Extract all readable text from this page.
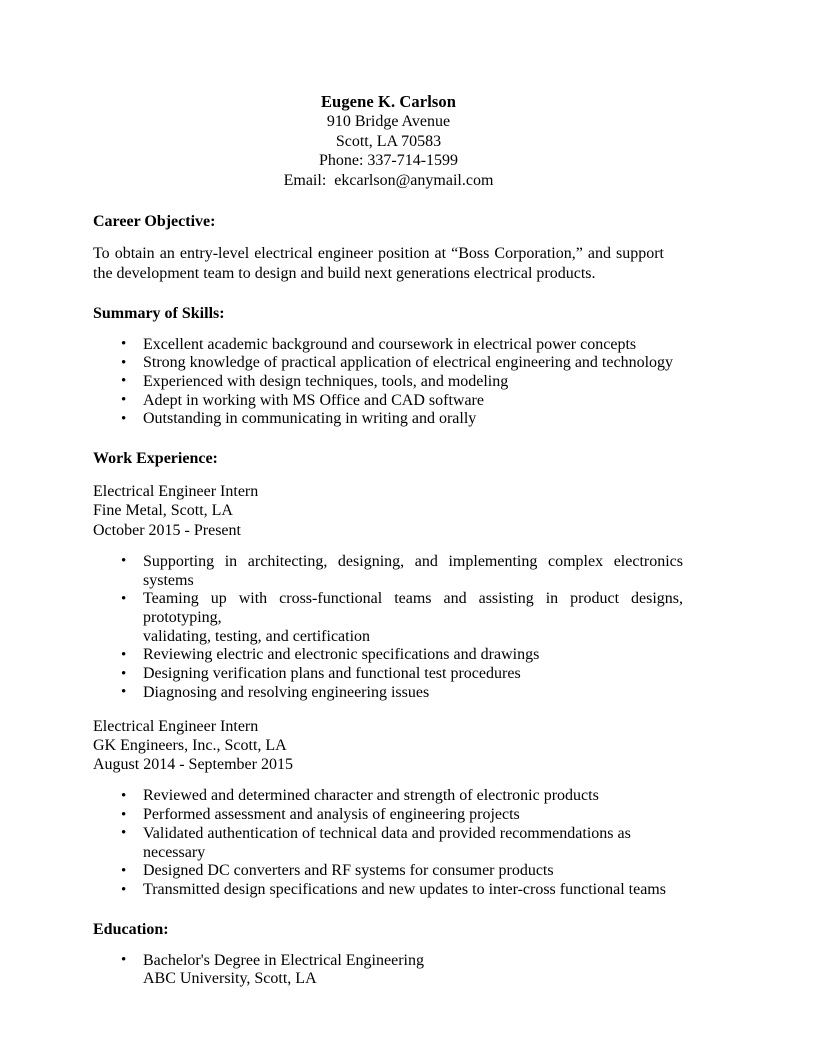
Eugene K. Carlson
910 Bridge Avenue
Scott, LA 70583
Phone: 337-714-1599
Email:  ekcarlson@anymail.com
Career Objective:
To obtain an entry-level electrical engineer position at “Boss Corporation,” and support the development team to design and build next generations electrical products.
Summary of Skills:
• Excellent academic background and coursework in electrical power concepts
• Strong knowledge of practical application of electrical engineering and technology
• Experienced with design techniques, tools, and modeling
• Adept in working with MS Office and CAD software
• Outstanding in communicating in writing and orally
Work Experience:
Electrical Engineer Intern
Fine Metal, Scott, LA
October 2015 - Present
• Supporting in architecting, designing, and implementing complex electronics systems
• Teaming up with cross-functional teams and assisting in product designs, prototyping,
validating, testing, and certification
• Reviewing electric and electronic specifications and drawings
• Designing verification plans and functional test procedures
• Diagnosing and resolving engineering issues
Electrical Engineer Intern
GK Engineers, Inc., Scott, LA
August 2014 - September 2015
• Reviewed and determined character and strength of electronic products
• Performed assessment and analysis of engineering projects
• Validated authentication of technical data and provided recommendations as necessary
• Designed DC converters and RF systems for consumer products
• Transmitted design specifications and new updates to inter-cross functional teams
Education:
• Bachelor's Degree in Electrical Engineering
ABC University, Scott, LA
